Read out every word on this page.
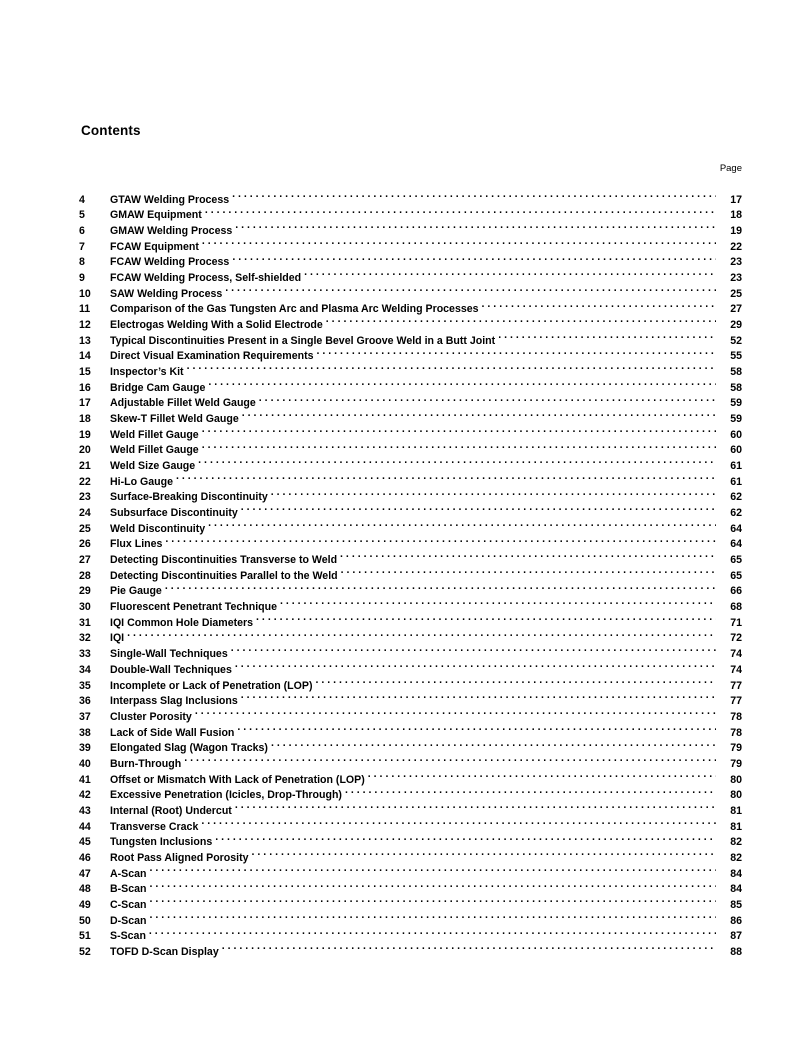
Contents
Page
4	GTAW Welding Process . . .	17
5	GMAW Equipment . . .	18
6	GMAW Welding Process . . .	19
7	FCAW Equipment . . .	22
8	FCAW Welding Process . . .	23
9	FCAW Welding Process, Self-shielded . . .	23
10	SAW Welding Process . . .	25
11	Comparison of the Gas Tungsten Arc and Plasma Arc Welding Processes . . .	27
12	Electrogas Welding With a Solid Electrode . . .	29
13	Typical Discontinuities Present in a Single Bevel Groove Weld in a Butt Joint . . .	52
14	Direct Visual Examination Requirements . . .	55
15	Inspector’s Kit . . .	58
16	Bridge Cam Gauge . . .	58
17	Adjustable Fillet Weld Gauge . . .	59
18	Skew-T Fillet Weld Gauge . . .	59
19	Weld Fillet Gauge . . .	60
20	Weld Fillet Gauge . . .	60
21	Weld Size Gauge . . .	61
22	Hi-Lo Gauge . . .	61
23	Surface-Breaking Discontinuity . . .	62
24	Subsurface Discontinuity . . .	62
25	Weld Discontinuity . . .	64
26	Flux Lines . . .	64
27	Detecting Discontinuities Transverse to Weld . . .	65
28	Detecting Discontinuities Parallel to the Weld . . .	65
29	Pie Gauge . . .	66
30	Fluorescent Penetrant Technique . . .	68
31	IQI Common Hole Diameters . . .	71
32	IQI . . .	72
33	Single-Wall Techniques . . .	74
34	Double-Wall Techniques . . .	74
35	Incomplete or Lack of Penetration (LOP) . . .	77
36	Interpass Slag Inclusions . . .	77
37	Cluster Porosity . . .	78
38	Lack of Side Wall Fusion . . .	78
39	Elongated Slag (Wagon Tracks) . . .	79
40	Burn-Through . . .	79
41	Offset or Mismatch With Lack of Penetration (LOP) . . .	80
42	Excessive Penetration (Icicles, Drop-Through) . . .	80
43	Internal (Root) Undercut . . .	81
44	Transverse Crack . . .	81
45	Tungsten Inclusions . . .	82
46	Root Pass Aligned Porosity . . .	82
47	A-Scan . . .	84
48	B-Scan . . .	84
49	C-Scan . . .	85
50	D-Scan . . .	86
51	S-Scan . . .	87
52	TOFD D-Scan Display . . .	88
